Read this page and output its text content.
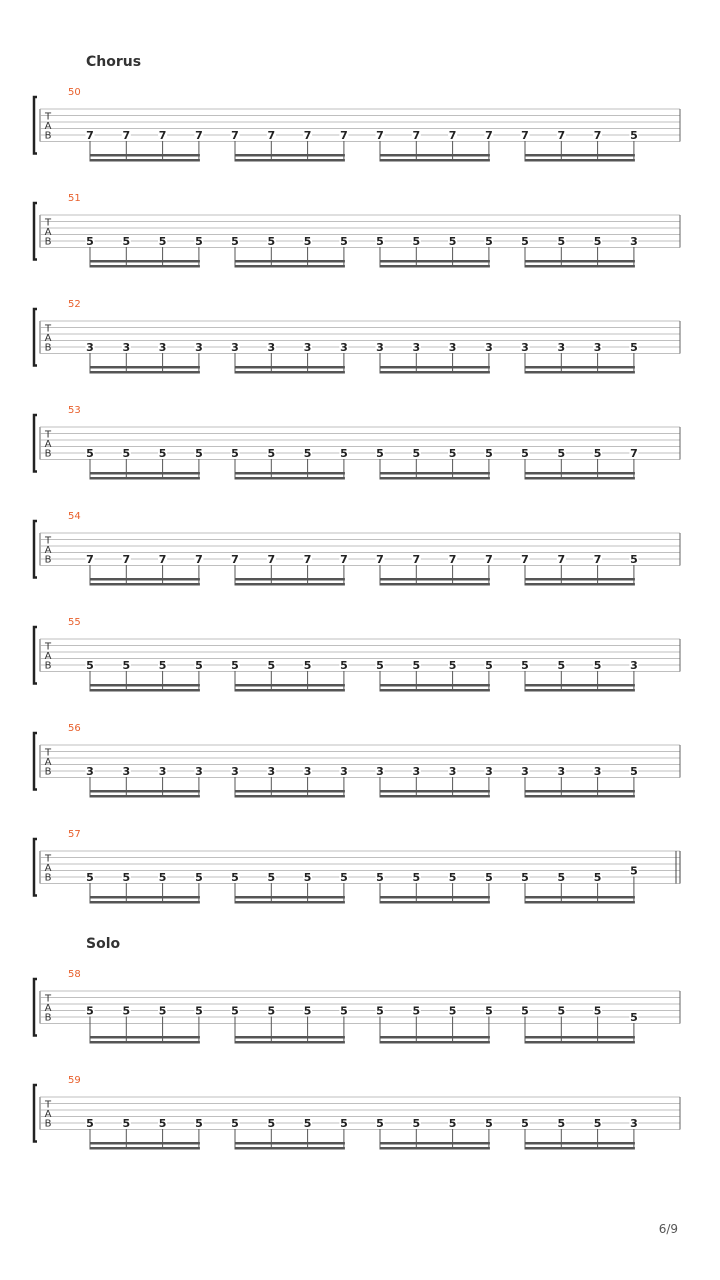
Chorus
Solo
T
A
B
50
7	7	7	7	7	7	7	7	7	7	7	7	7	7	7	5
T
A
B
51
5	5	5	5	5	5	5	5	5	5	5	5	5	5	5	3
T
A
B
52
3	3	3	3	3	3	3	3	3	3	3	3	3	3	3	5
T
A
B
53
5	5	5	5	5	5	5	5	5	5	5	5	5	5	5	7
T
A
B
54
7	7	7	7	7	7	7	7	7	7	7	7	7	7	7	5
T
A
B
55
5	5	5	5	5	5	5	5	5	5	5	5	5	5	5	3
T
A
B
56
3	3	3	3	3	3	3	3	3	3	3	3	3	3	3	5
T
A
B
57
5	5	5	5	5	5	5	5	5	5	5	5	5	5	5	5
T
A
B
58
5	5	5	5	5	5	5	5	5	5	5	5	5	5	5	5
T
A
B
59
5	5	5	5	5	5	5	5	5	5	5	5	5	5	5	3
6/9
